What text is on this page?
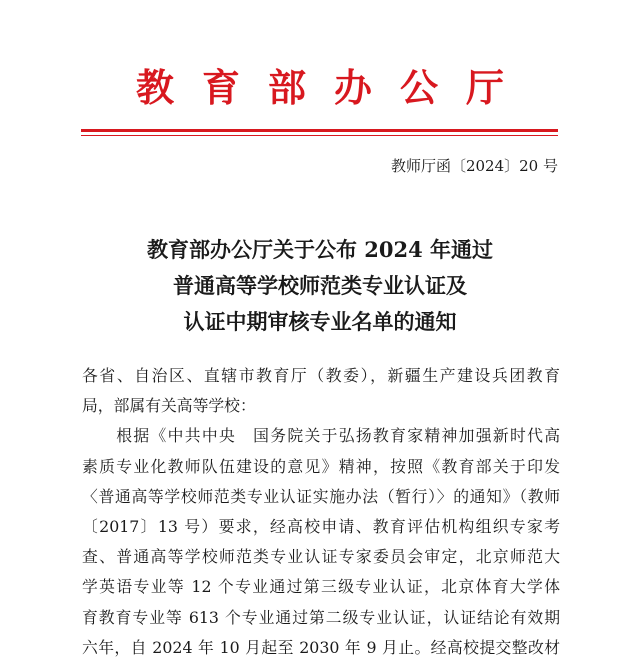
教育部办公厅
教师厅函〔2024〕20 号
教育部办公厅关于公布 2024 年通过
普通高等学校师范类专业认证及
认证中期审核专业名单的通知
各省、自治区、直辖市教育厅（教委），新疆生产建设兵团教育
局，部属有关高等学校：
　　根据《中共中央　国务院关于弘扬教育家精神加强新时代高
素质专业化教师队伍建设的意见》精神，按照《教育部关于印发
〈普通高等学校师范类专业认证实施办法（暂行）〉的通知》（教师
〔2017〕13 号）要求，经高校申请、教育评估机构组织专家考
查、普通高等学校师范类专业认证专家委员会审定，北京师范大
学英语专业等 12 个专业通过第三级专业认证，北京体育大学体
育教育专业等 613 个专业通过第二级专业认证，认证结论有效期
六年，自 2024 年 10 月起至 2030 年 9 月止。经高校提交整改材
